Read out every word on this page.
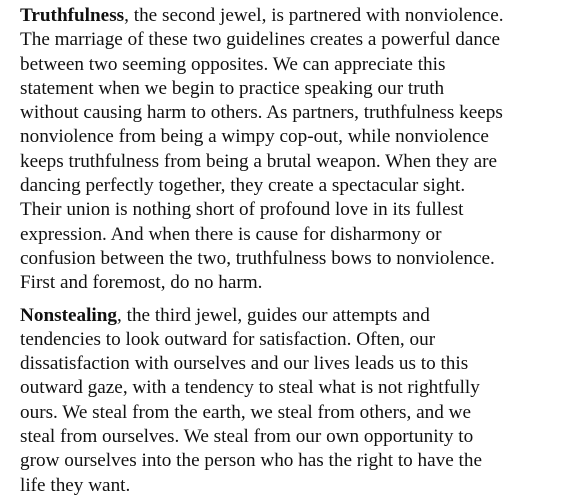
Truthfulness, the second jewel, is partnered with nonviolence.
The marriage of these two guidelines creates a powerful dance
between two seeming opposites. We can appreciate this
statement when we begin to practice speaking our truth
without causing harm to others. As partners, truthfulness keeps
nonviolence from being a wimpy cop-out, while nonviolence
keeps truthfulness from being a brutal weapon. When they are
dancing perfectly together, they create a spectacular sight.
Their union is nothing short of profound love in its fullest
expression. And when there is cause for disharmony or
confusion between the two, truthfulness bows to nonviolence.
First and foremost, do no harm.

Nonstealing, the third jewel, guides our attempts and
tendencies to look outward for satisfaction. Often, our
dissatisfaction with ourselves and our lives leads us to this
outward gaze, with a tendency to steal what is not rightfully
ours. We steal from the earth, we steal from others, and we
steal from ourselves. We steal from our own opportunity to
grow ourselves into the person who has the right to have the
life they want.
